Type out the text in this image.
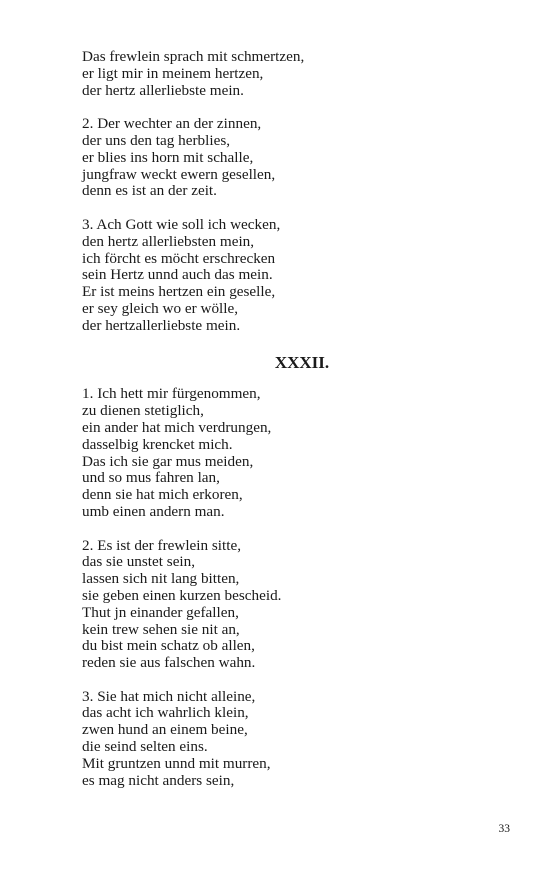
Das frewlein sprach mit schmertzen,
er ligt mir in meinem hertzen,
der hertz allerliebste mein.
2. Der wechter an der zinnen,
der uns den tag herblies,
er blies ins horn mit schalle,
jungfraw weckt ewern gesellen,
denn es ist an der zeit.
3. Ach Gott wie soll ich wecken,
den hertz allerliebsten mein,
ich förcht es möcht erschrecken
sein Hertz unnd auch das mein.
Er ist meins hertzen ein geselle,
er sey gleich wo er wölle,
der hertzallerliebste mein.
XXXII.
1. Ich hett mir fürgenommen,
zu dienen stetiglich,
ein ander hat mich verdrungen,
dasselbig krencket mich.
Das ich sie gar mus meiden,
und so mus fahren lan,
denn sie hat mich erkoren,
umb einen andern man.
2. Es ist der frewlein sitte,
das sie unstet sein,
lassen sich nit lang bitten,
sie geben einen kurzen bescheid.
Thut jn einander gefallen,
kein trew sehen sie nit an,
du bist mein schatz ob allen,
reden sie aus falschen wahn.
3. Sie hat mich nicht alleine,
das acht ich wahrlich klein,
zwen hund an einem beine,
die seind selten eins.
Mit gruntzen unnd mit murren,
es mag nicht anders sein,
33
